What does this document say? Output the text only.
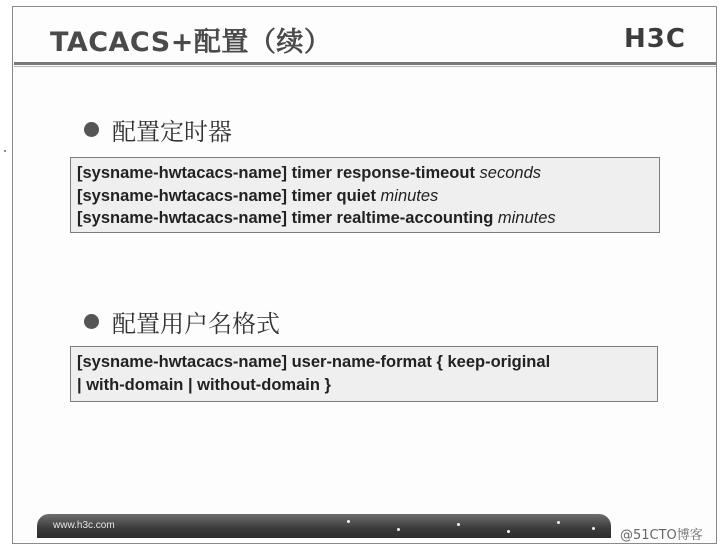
TACACS+配置（续）	H3C
配置定时器
[sysname-hwtacacs-name] timer response-timeout seconds
[sysname-hwtacacs-name] timer quiet minutes
[sysname-hwtacacs-name] timer realtime-accounting minutes
配置用户名格式
[sysname-hwtacacs-name] user-name-format { keep-original
| with-domain | without-domain }
www.h3c.com
@51CTO博客
